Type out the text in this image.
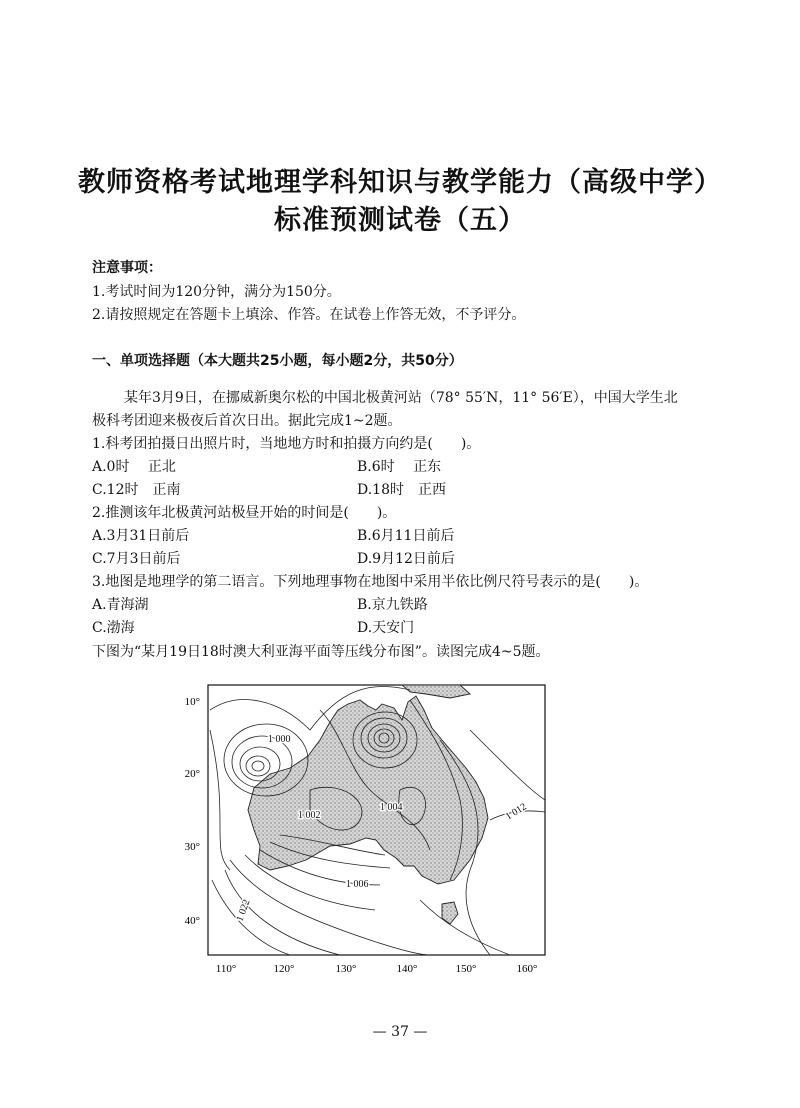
教师资格考试地理学科知识与教学能力（高级中学）
标准预测试卷（五）
注意事项：
1.考试时间为120分钟，满分为150分。
2.请按照规定在答题卡上填涂、作答。在试卷上作答无效，不予评分。
一、单项选择题（本大题共25小题，每小题2分，共50分）
某年3月9日，在挪威新奥尔松的中国北极黄河站（78° 55′N，11° 56′E），中国大学生北
极科考团迎来极夜后首次日出。据此完成1~2题。
1.科考团拍摄日出照片时，当地地方时和拍摄方向约是(　　)。
A.0时　 正北	B.6时　 正东
C.12时　正南	D.18时　正西
2.推测该年北极黄河站极昼开始的时间是(　　)。
A.3月31日前后	B.6月11日前后
C.7月3日前后	D.9月12日前后
3.地图是地理学的第二语言。下列地理事物在地图中采用半依比例尺符号表示的是(　　)。
A.青海湖	B.京九铁路
C.渤海	D.天安门
下图为“某月19日18时澳大利亚海平面等压线分布图”。读图完成4~5题。
10°
20°
30°
40°
110°	120°	130°	140°	150°	160°
1 000
1 002
1 004
1 006
1 012
1 022
— 37 —
